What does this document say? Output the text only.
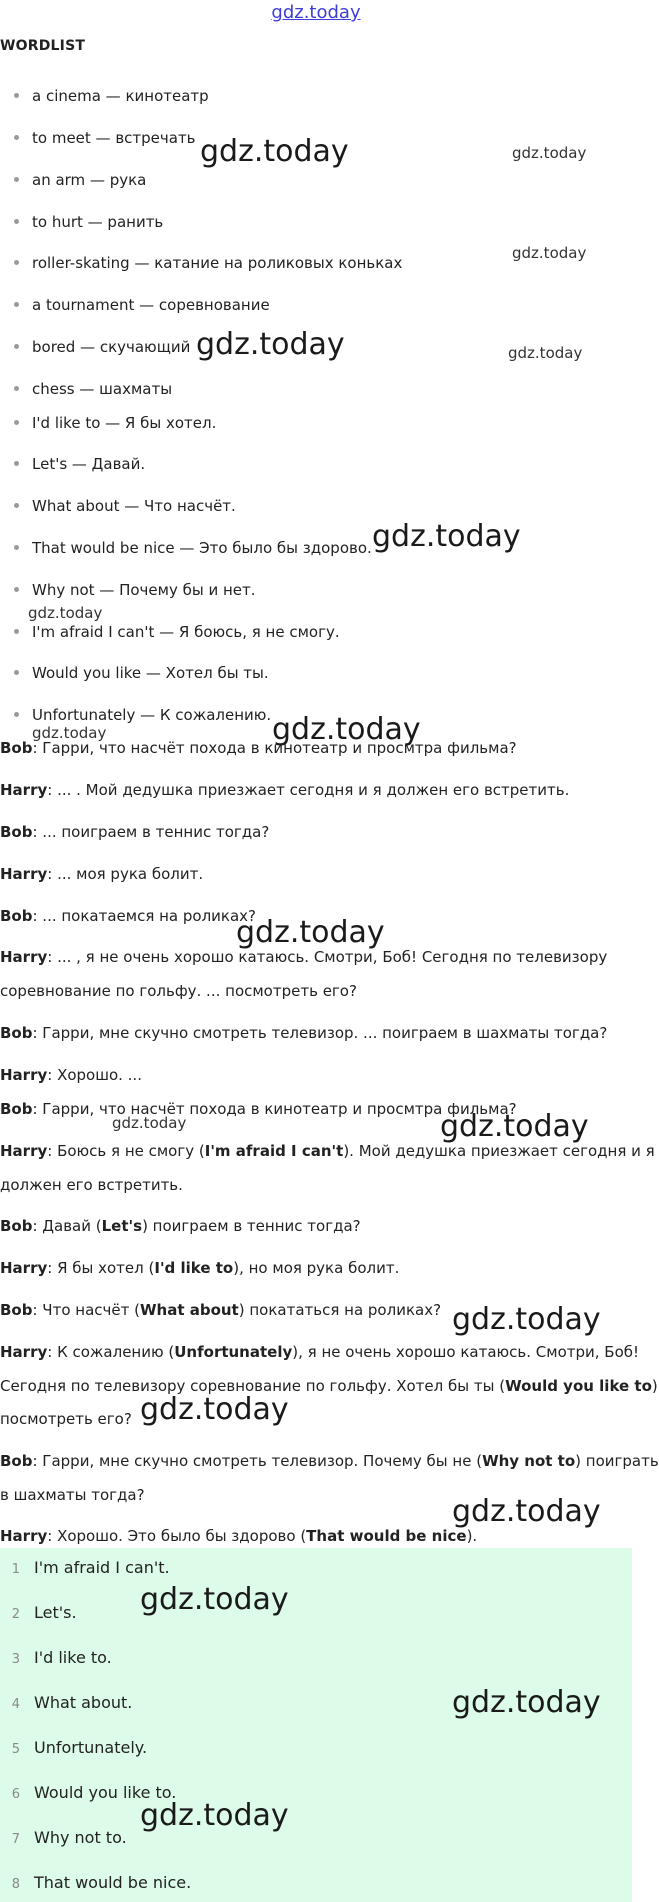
gdz.today
WORDLIST
a cinema — кинотеатр
to meet — встречать
an arm — рука
to hurt — ранить
roller-skating — катание на роликовых коньках
a tournament — соревнование
bored — скучающий
chess — шахматы
I'd like to — Я бы хотел.
Let's — Давай.
What about — Что насчёт.
That would be nice — Это было бы здорово.
Why not — Почему бы и нет.
I'm afraid I can't — Я боюсь, я не смогу.
Would you like — Хотел бы ты.
Unfortunately — К сожалению.
Bob: Гарри, что насчёт похода в кинотеатр и просмтра фильма?
Harry: ... . Мой дедушка приезжает сегодня и я должен его встретить.
Bob: ... поиграем в теннис тогда?
Harry: ... моя рука болит.
Bob: ... покатаемся на роликах?
Harry: ... , я не очень хорошо катаюсь. Смотри, Боб! Сегодня по телевизору
соревнование по гольфу. ... посмотреть его?
Bob: Гарри, мне скучно смотреть телевизор. ... поиграем в шахматы тогда?
Harry: Хорошо. ...
Bob: Гарри, что насчёт похода в кинотеатр и просмтра фильма?
Harry: Боюсь я не смогу (I'm afraid I can't). Мой дедушка приезжает сегодня и я
должен его встретить.
Bob: Давай (Let's) поиграем в теннис тогда?
Harry: Я бы хотел (I'd like to), но моя рука болит.
Bob: Что насчёт (What about) покататься на роликах?
Harry: К сожалению (Unfortunately), я не очень хорошо катаюсь. Смотри, Боб!
Сегодня по телевизору соревнование по гольфу. Хотел бы ты (Would you like to)
посмотреть его?
Bob: Гарри, мне скучно смотреть телевизор. Почему бы не (Why not to) поиграть
в шахматы тогда?
Harry: Хорошо. Это было бы здорово (That would be nice).
1 I'm afraid I can't.
2 Let's.
3 I'd like to.
4 What about.
5 Unfortunately.
6 Would you like to.
7 Why not to.
8 That would be nice.
gdz.today	gdz.today
gdz.today
gdz.today	gdz.today
gdz.today
gdz.today
gdz.today
gdz.today
gdz.today
gdz.today	gdz.today
gdz.today
gdz.today
gdz.today
gdz.today
gdz.today
gdz.today
